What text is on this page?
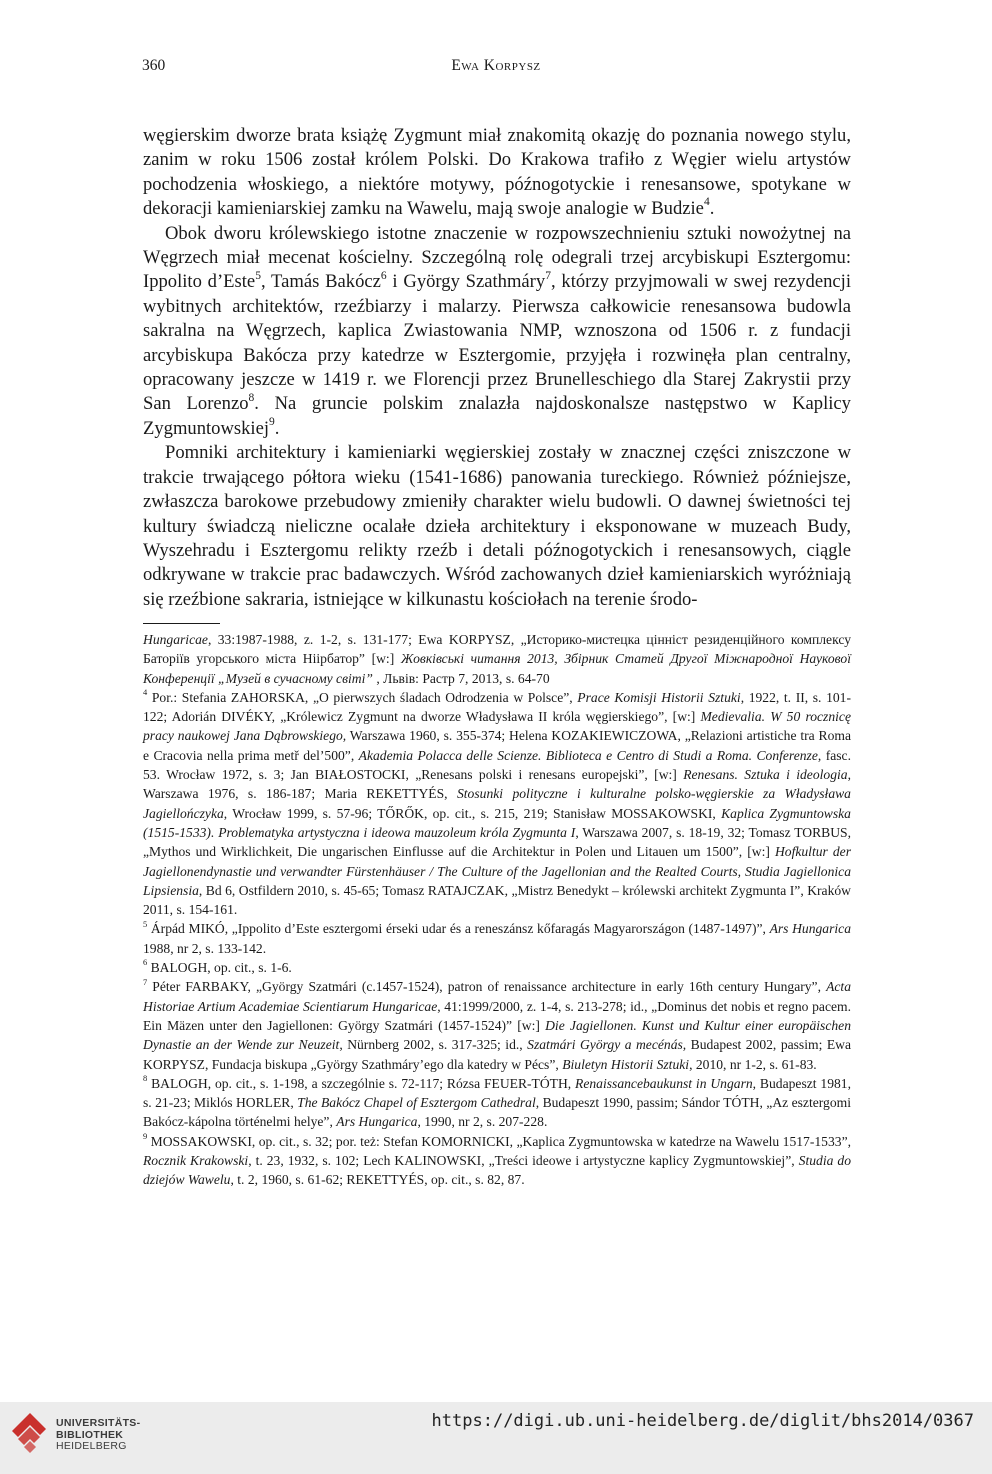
360	Ewa Korpysz

węgierskim dworze brata książę Zygmunt miał znakomitą okazję do poznania nowego stylu, zanim w roku 1506 został królem Polski. Do Krakowa trafiło z Węgier wielu artystów pochodzenia włoskiego, a niektóre motywy, późnogotyckie i renesansowe, spotykane w dekoracji kamieniarskiej zamku na Wawelu, mają swoje analogie w Budzie$^4$.

Obok dworu królewskiego istotne znaczenie w rozpowszechnieniu sztuki nowożytnej na Węgrzech miał mecenat kościelny. Szczególną rolę odegrali trzej arcybiskupi Esztergomu: Ippolito d’Este$^5$, Tamás Bakócz$^6$ i György Szathmáry$^7$, którzy przyjmowali w swej rezydencji wybitnych architektów, rzeźbiarzy i malarzy. Pierwsza całkowicie renesansowa budowla sakralna na Węgrzech, kaplica Zwiastowania NMP, wznoszona od 1506 r. z fundacji arcybiskupa Bakócza przy katedrze w Esztergomie, przyjęła i rozwinęła plan centralny, opracowany jeszcze w 1419 r. we Florencji przez Brunelleschiego dla Starej Zakrystii przy San Lorenzo$^8$. Na gruncie polskim znalazła najdoskonalsze następstwo w Kaplicy Zygmuntowskiej$^9$.

Pomniki architektury i kamieniarki węgierskiej zostały w znacznej części zniszczone w trakcie trwającego półtora wieku (1541-1686) panowania tureckiego. Również późniejsze, zwłaszcza barokowe przebudowy zmieniły charakter wielu budowli. O dawnej świetności tej kultury świadczą nieliczne ocalałe dzieła architektury i eksponowane w muzeach Budy, Wyszehradu i Esztergomu relikty rzeźb i detali późnogotyckich i renesansowych, ciągle odkrywane w trakcie prac badawczych. Wśród zachowanych dzieł kamieniarskich wyróżniają się rzeźbione sakraria, istniejące w kilkunastu kościołach na terenie środo-

Hungaricae, 33:1987-1988, z. 1-2, s. 131-177; Ewa KORPYSZ, „Историко-мистецка цінніст резиденційного комплексу Баторіїв угорського міста Нііpбатор” [w:] Жовківські читання 2013, Збірник Статей Другої Міжнародної Наукової Конференції „Музей в сучасному світі” , Львів: Растр 7, 2013, s. 64-70

$^4$ Por.: Stefania ZAHORSKA, „O pierwszych śladach Odrodzenia w Polsce”, Prace Komisji Historii Sztuki, 1922, t. II, s. 101-122; Adorián DIVÉKY, „Królewicz Zygmunt na dworze Władysława II króla węgierskiego”, [w:] Medievalia. W 50 rocznicę pracy naukowej Jana Dąbrowskiego, Warszawa 1960, s. 355-374; Helena KOZAKIEWICZOWA, „Relazioni artistiche tra Roma e Cracovia nella prima metř del’500”, Akademia Polacca delle Scienze. Biblioteca e Centro di Studi a Roma. Conferenze, fasc. 53. Wrocław 1972, s. 3; Jan BIAŁOSTOCKI, „Renesans polski i renesans europejski”, [w:] Renesans. Sztuka i ideologia, Warszawa 1976, s. 186-187; Maria REKETTYÉS, Stosunki polityczne i kulturalne polsko-węgierskie za Władysława Jagiellończyka, Wrocław 1999, s. 57-96; TŐRŐK, op. cit., s. 215, 219; Stanisław MOSSAKOWSKI, Kaplica Zygmuntowska (1515-1533). Problematyka artystyczna i ideowa mauzoleum króla Zygmunta I, Warszawa 2007, s. 18-19, 32; Tomasz TORBUS, „Mythos und Wirklichkeit, Die ungarischen Einflusse auf die Architektur in Polen und Litauen um 1500”, [w:] Hofkultur der Jagiellonendynastie und verwandter Fürstenhäuser / The Culture of the Jagellonian and the Realted Courts, Studia Jagiellonica Lipsiensia, Bd 6, Ostfildern 2010, s. 45-65; Tomasz RATAJCZAK, „Mistrz Benedykt – królewski architekt Zygmunta I”, Kraków 2011, s. 154-161.

$^5$ Árpád MIKÓ, „Ippolito d’Este esztergomi érseki udar és a reneszánsz kőfaragás Magyarországon (1487-1497)”, Ars Hungarica 1988, nr 2, s. 133-142.

$^6$ BALOGH, op. cit., s. 1-6.

$^7$ Péter FARBAKY, „György Szatmári (c.1457-1524), patron of renaissance architecture in early 16th century Hungary”, Acta Historiae Artium Academiae Scientiarum Hungaricae, 41:1999/2000, z. 1-4, s. 213-278; id., „Dominus det nobis et regno pacem. Ein Mäzen unter den Jagiellonen: György Szatmári (1457-1524)” [w:] Die Jagiellonen. Kunst und Kultur einer europäischen Dynastie an der Wende zur Neuzeit, Nürnberg 2002, s. 317-325; id., Szatmári György a mecénás, Budapest 2002, passim; Ewa KORPYSZ, Fundacja biskupa „György Szathmáry’ego dla katedry w Pécs”, Biuletyn Historii Sztuki, 2010, nr 1-2, s. 61-83.

$^8$ BALOGH, op. cit., s. 1-198, a szczególnie s. 72-117; Rózsa FEUER-TÓTH, Renaissancebaukunst in Ungarn, Budapeszt 1981, s. 21-23; Miklós HORLER, The Bakócz Chapel of Esztergom Cathedral, Budapeszt 1990, passim; Sándor TÓTH, „Az esztergomi Bakócz-kápolna történelmi helye”, Ars Hungarica, 1990, nr 2, s. 207-228.

$^9$ MOSSAKOWSKI, op. cit., s. 32; por. też: Stefan KOMORNICKI, „Kaplica Zygmuntowska w katedrze na Wawelu 1517-1533”, Rocznik Krakowski, t. 23, 1932, s. 102; Lech KALINOWSKI, „Treści ideowe i artystyczne kaplicy Zygmuntowskiej”, Studia do dziejów Wawelu, t. 2, 1960, s. 61-62; REKETTYÉS, op. cit., s. 82, 87.

UNIVERSITÄTS-
BIBLIOTHEK
HEIDELBERG
https://digi.ub.uni-heidelberg.de/diglit/bhs2014/0367
